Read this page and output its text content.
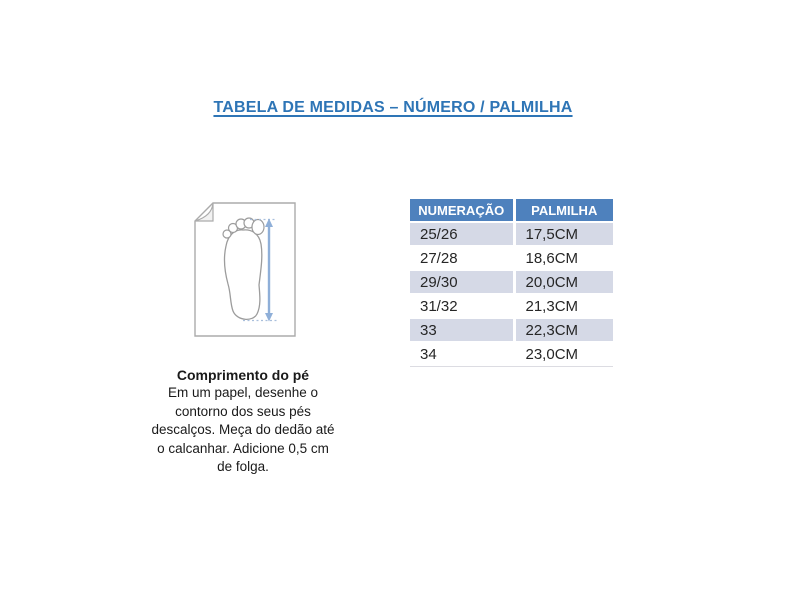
TABELA DE MEDIDAS – NÚMERO / PALMILHA
Comprimento do pé
Em um papel, desenhe o
contorno dos seus pés
descalços. Meça do dedão até
o calcanhar. Adicione 0,5 cm
de folga.
NUMERAÇÃO	PALMILHA
25/26	17,5CM
27/28	18,6CM
29/30	20,0CM
31/32	21,3CM
33	22,3CM
34	23,0CM
